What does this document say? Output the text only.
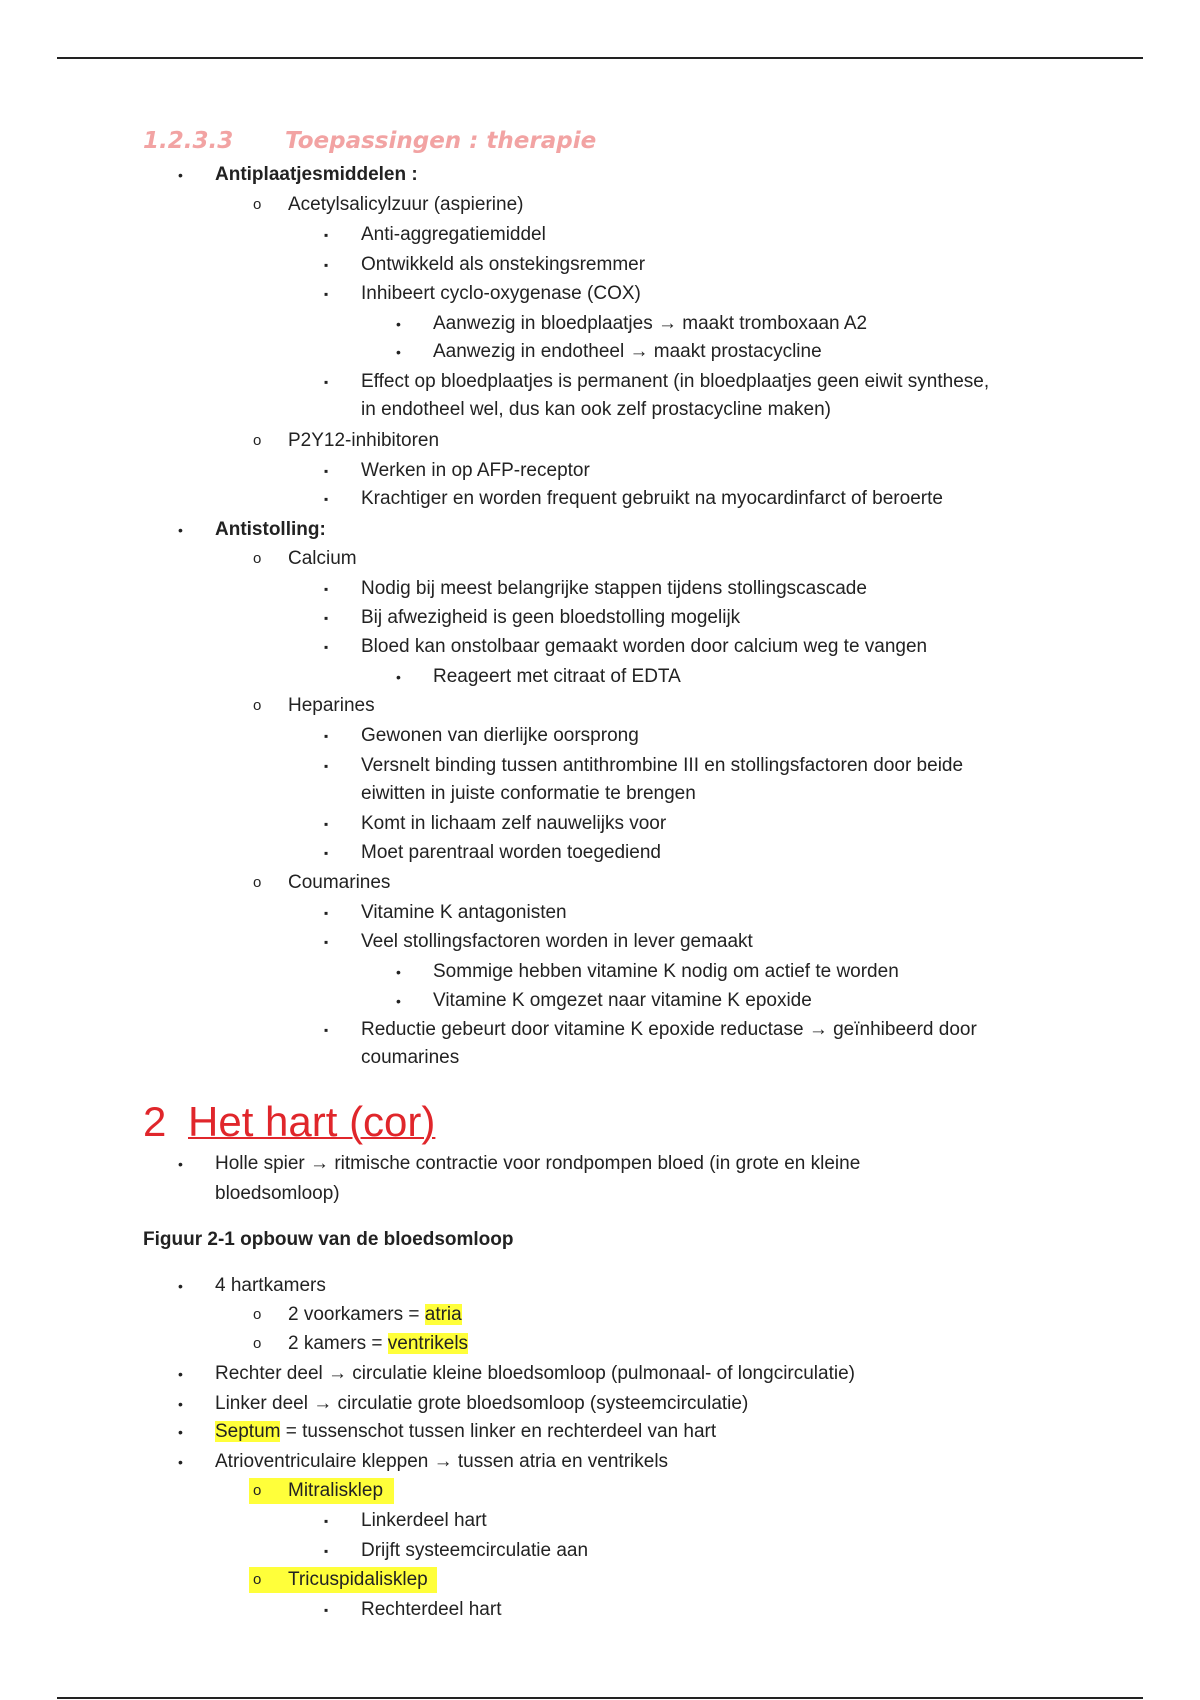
1.2.3.3 Toepassingen : therapie
• Antiplaatjesmiddelen :
o Acetylsalicylzuur (aspierine)
▪ Anti-aggregatiemiddel
▪ Ontwikkeld als onstekingsremmer
▪ Inhibeert cyclo-oxygenase (COX)
• Aanwezig in bloedplaatjes → maakt tromboxaan A2
• Aanwezig in endotheel → maakt prostacycline
▪ Effect op bloedplaatjes is permanent (in bloedplaatjes geen eiwit synthese,
in endotheel wel, dus kan ook zelf prostacycline maken)
o P2Y12-inhibitoren
▪ Werken in op AFP-receptor
▪ Krachtiger en worden frequent gebruikt na myocardinfarct of beroerte
• Antistolling:
o Calcium
▪ Nodig bij meest belangrijke stappen tijdens stollingscascade
▪ Bij afwezigheid is geen bloedstolling mogelijk
▪ Bloed kan onstolbaar gemaakt worden door calcium weg te vangen
• Reageert met citraat of EDTA
o Heparines
▪ Gewonen van dierlijke oorsprong
▪ Versnelt binding tussen antithrombine III en stollingsfactoren door beide
eiwitten in juiste conformatie te brengen
▪ Komt in lichaam zelf nauwelijks voor
▪ Moet parentraal worden toegediend
o Coumarines
▪ Vitamine K antagonisten
▪ Veel stollingsfactoren worden in lever gemaakt
• Sommige hebben vitamine K nodig om actief te worden
• Vitamine K omgezet naar vitamine K epoxide
▪ Reductie gebeurt door vitamine K epoxide reductase → geïnhibeerd door
coumarines
2 Het hart (cor)
• Holle spier → ritmische contractie voor rondpompen bloed (in grote en kleine
bloedsomloop)
Figuur 2-1 opbouw van de bloedsomloop
• 4 hartkamers
o 2 voorkamers = atria
o 2 kamers = ventrikels
• Rechter deel → circulatie kleine bloedsomloop (pulmonaal- of longcirculatie)
• Linker deel → circulatie grote bloedsomloop (systeemcirculatie)
• Septum = tussenschot tussen linker en rechterdeel van hart
• Atrioventriculaire kleppen → tussen atria en ventrikels
o Mitralisklep
▪ Linkerdeel hart
▪ Drijft systeemcirculatie aan
o Tricuspidalisklep
▪ Rechterdeel hart
